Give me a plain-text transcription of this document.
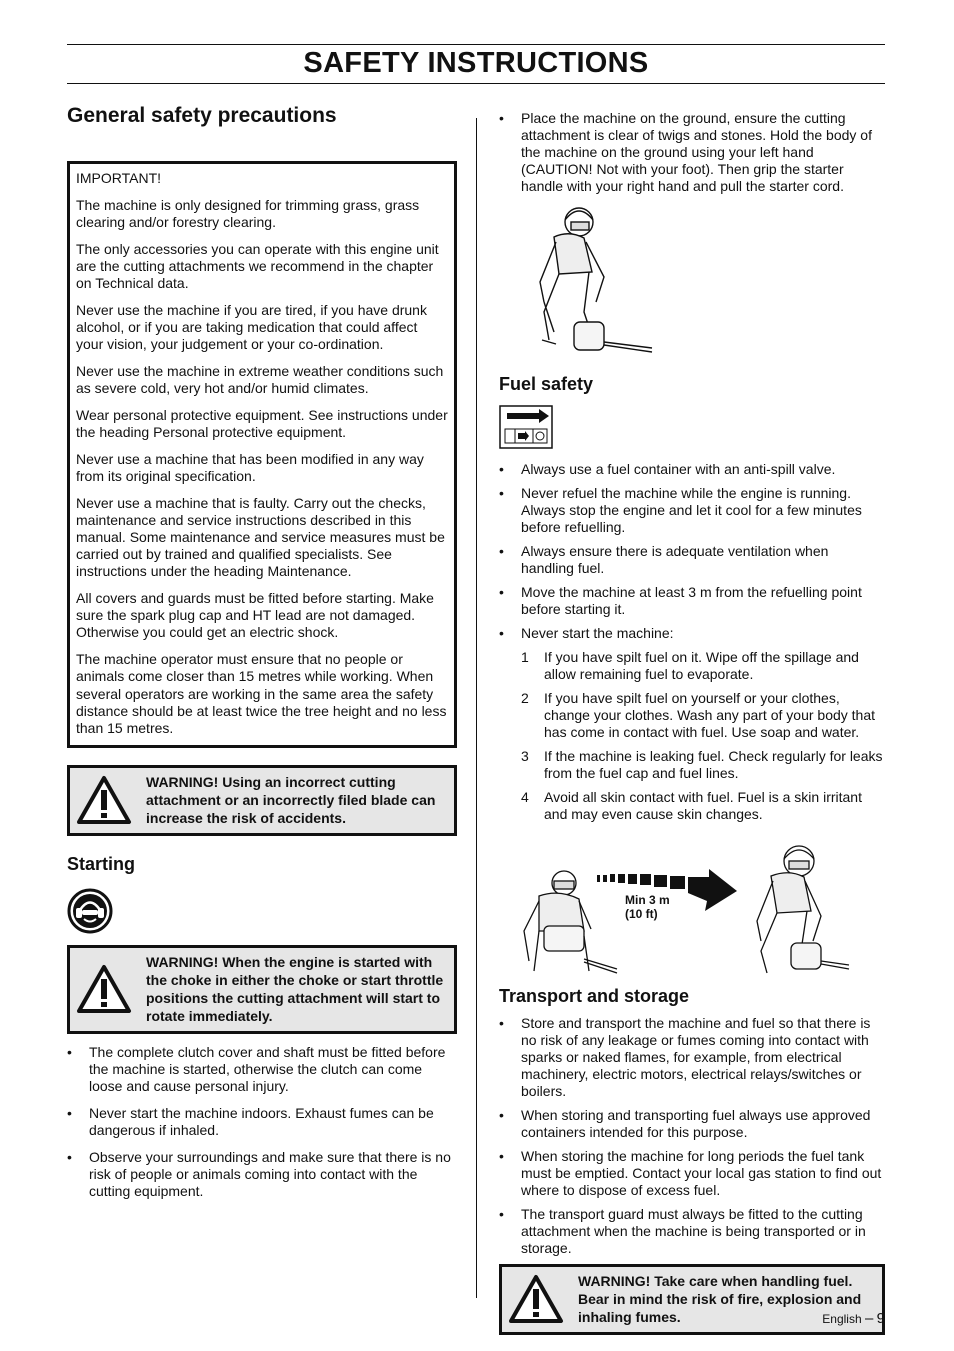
SAFETY INSTRUCTIONS
General safety precautions

IMPORTANT!

The machine is only designed for trimming grass, grass clearing and/or forestry clearing.

The only accessories you can operate with this engine unit are the cutting attachments we recommend in the chapter on Technical data.

Never use the machine if you are tired, if you have drunk alcohol, or if you are taking medication that could affect your vision, your judgement or your co-ordination.

Never use the machine in extreme weather conditions such as severe cold, very hot and/or humid climates.

Wear personal protective equipment. See instructions under the heading Personal protective equipment.

Never use a machine that has been modified in any way from its original specification.

Never use a machine that is faulty. Carry out the checks, maintenance and service instructions described in this manual. Some maintenance and service measures must be carried out by trained and qualified specialists. See instructions under the heading Maintenance.

All covers and guards must be fitted before starting. Make sure the spark plug cap and HT lead are not damaged. Otherwise you could get an electric shock.

The machine operator must ensure that no people or animals come closer than 15 metres while working. When several operators are working in the same area the safety distance should be at least twice the tree height and no less than 15 metres.

WARNING! Using an incorrect cutting attachment or an incorrectly filed blade can increase the risk of accidents.
Starting
WARNING! When the engine is started with the choke in either the choke or start throttle positions the cutting attachment will start to rotate immediately.
• The complete clutch cover and shaft must be fitted before the machine is started, otherwise the clutch can come loose and cause personal injury.
• Never start the machine indoors. Exhaust fumes can be dangerous if inhaled.
• Observe your surroundings and make sure that there is no risk of people or animals coming into contact with the cutting equipment.
• Place the machine on the ground, ensure the cutting attachment is clear of twigs and stones. Hold the body of the machine on the ground using your left hand (CAUTION! Not with your foot). Then grip the starter handle with your right hand and pull the starter cord.
Fuel safety
• Always use a fuel container with an anti-spill valve.
• Never refuel the machine while the engine is running. Always stop the engine and let it cool for a few minutes before refuelling.
• Always ensure there is adequate ventilation when handling fuel.
• Move the machine at least 3 m from the refuelling point before starting it.
• Never start the machine:
1 If you have spilt fuel on it. Wipe off the spillage and allow remaining fuel to evaporate.
2 If you have spilt fuel on yourself or your clothes, change your clothes. Wash any part of your body that has come in contact with fuel. Use soap and water.
3 If the machine is leaking fuel. Check regularly for leaks from the fuel cap and fuel lines.
4 Avoid all skin contact with fuel. Fuel is a skin irritant and may even cause skin changes.
Min 3 m
(10 ft)
Transport and storage
• Store and transport the machine and fuel so that there is no risk of any leakage or fumes coming into contact with sparks or naked flames, for example, from electrical machinery, electric motors, electrical relays/switches or boilers.
• When storing and transporting fuel always use approved containers intended for this purpose.
• When storing the machine for long periods the fuel tank must be emptied. Contact your local gas station to find out where to dispose of excess fuel.
• The transport guard must always be fitted to the cutting attachment when the machine is being transported or in storage.
WARNING! Take care when handling fuel. Bear in mind the risk of fire, explosion and inhaling fumes.	English – 9
